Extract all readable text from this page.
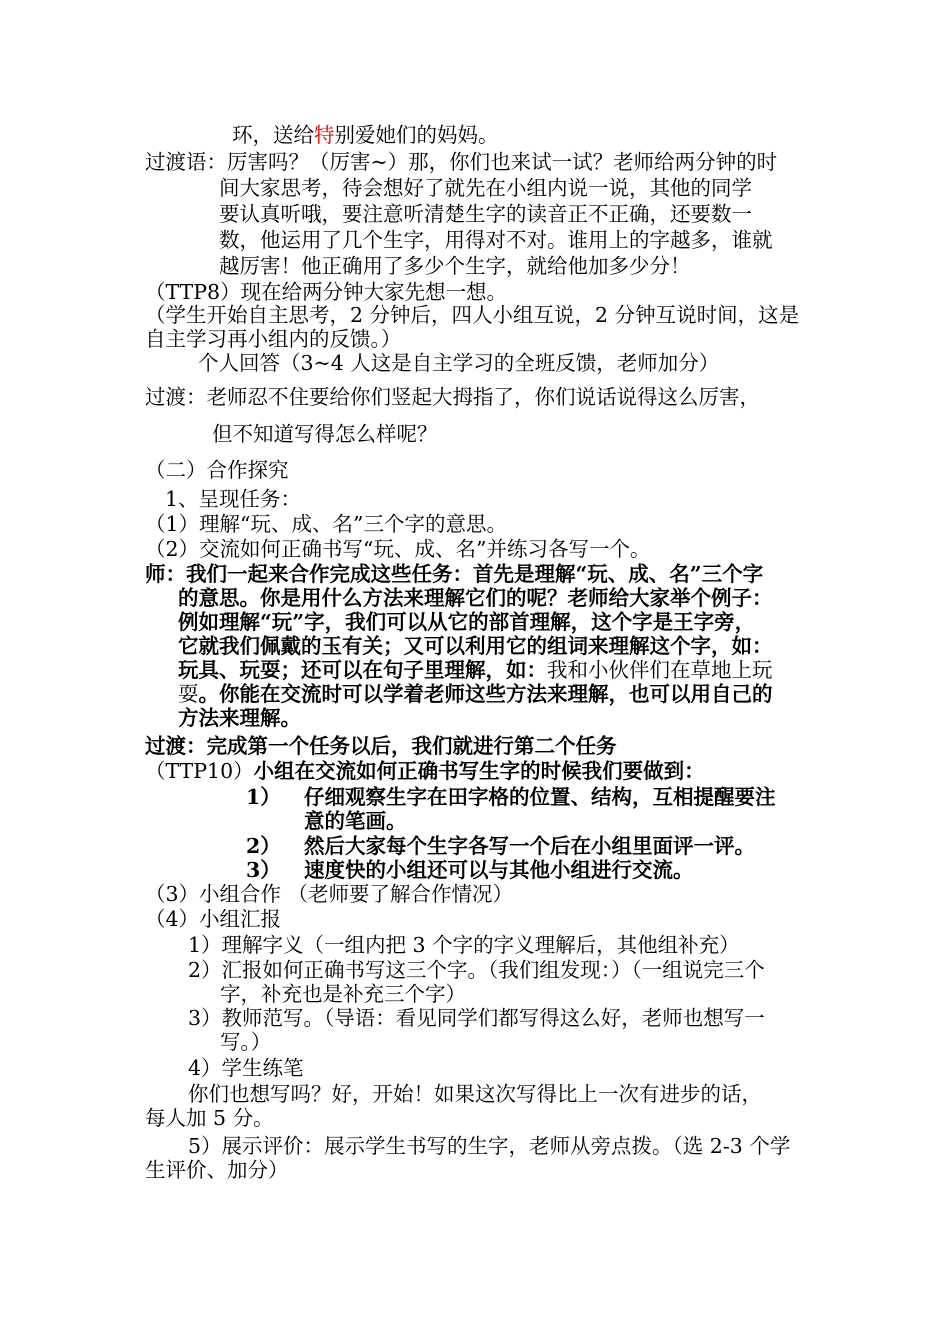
环，送给特别爱她们的妈妈。
过渡语：厉害吗？（厉害~）那，你们也来试一试？老师给两分钟的时
间大家思考，待会想好了就先在小组内说一说，其他的同学
要认真听哦，要注意听清楚生字的读音正不正确，还要数一
数，他运用了几个生字，用得对不对。谁用上的字越多，谁就
越厉害！他正确用了多少个生字，就给他加多少分！
（TTP8）现在给两分钟大家先想一想。
（学生开始自主思考，2 分钟后，四人小组互说，2 分钟互说时间，这是
自主学习再小组内的反馈。）
个人回答（3~4 人这是自主学习的全班反馈，老师加分）
过渡：老师忍不住要给你们竖起大拇指了，你们说话说得这么厉害，
但不知道写得怎么样呢？
（二）合作探究
1、呈现任务：
（1）理解“玩、成、名”三个字的意思。
（2）交流如何正确书写“玩、成、名”并练习各写一个。
师：我们一起来合作完成这些任务：首先是理解“玩、成、名”三个字
的意思。你是用什么方法来理解它们的呢？老师给大家举个例子：
例如理解“玩”字，我们可以从它的部首理解，这个字是王字旁，
它就我们佩戴的玉有关；又可以利用它的组词来理解这个字，如：
玩具、玩耍；还可以在句子里理解，如：我和小伙伴们在草地上玩
耍。你能在交流时可以学着老师这些方法来理解，也可以用自己的
方法来理解。
过渡：完成第一个任务以后，我们就进行第二个任务
（TTP10）小组在交流如何正确书写生字的时候我们要做到：
1） 仔细观察生字在田字格的位置、结构，互相提醒要注
意的笔画。
2） 然后大家每个生字各写一个后在小组里面评一评。
3） 速度快的小组还可以与其他小组进行交流。
（3）小组合作 （老师要了解合作情况）
（4）小组汇报
1）理解字义（一组内把 3 个字的字义理解后，其他组补充）
2）汇报如何正确书写这三个字。（我们组发现：）（一组说完三个
字，补充也是补充三个字）
3）教师范写。（导语：看见同学们都写得这么好，老师也想写一
写。）
4）学生练笔
你们也想写吗？好，开始！如果这次写得比上一次有进步的话，
每人加 5 分。
5）展示评价：展示学生书写的生字，老师从旁点拨。（选 2-3 个学
生评价、加分）
